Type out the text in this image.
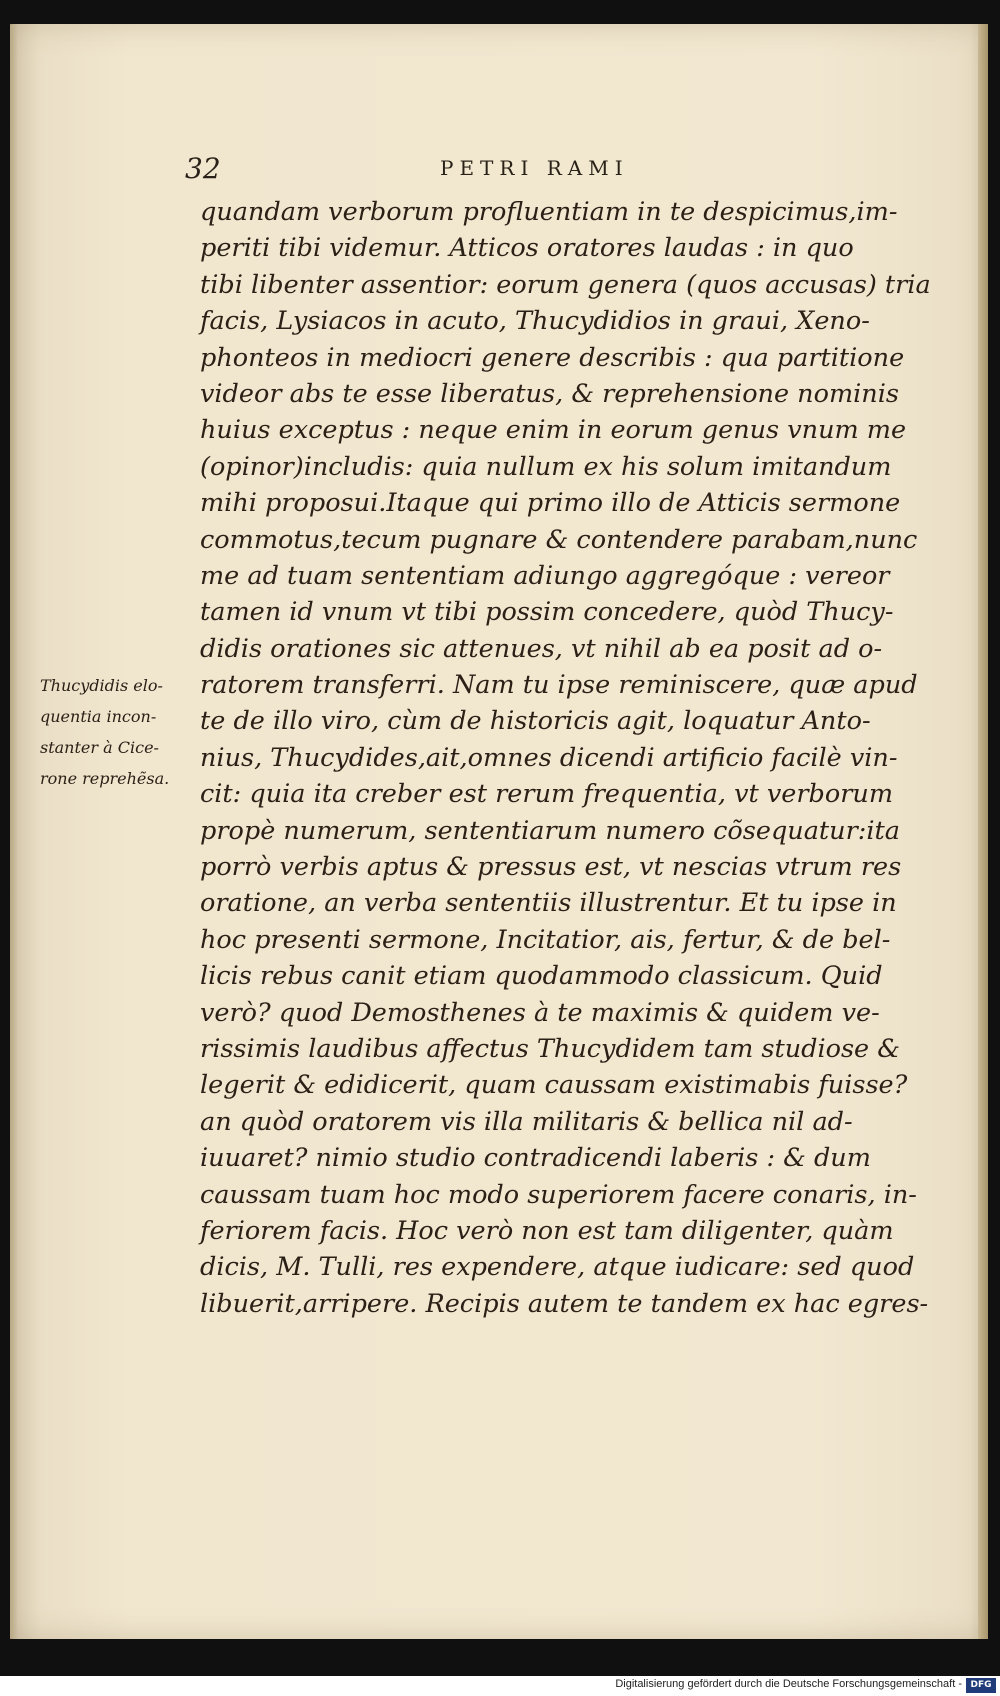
32	PETRI RAMI
Thucydidis elo-
quentia incon-
stanter à Cice-
rone reprehẽsa.
quandam verborum profluentiam in te despicimus,im-
periti tibi videmur. Atticos oratores laudas : in quo
tibi libenter assentior: eorum genera (quos accusas) tria
facis, Lysiacos in acuto, Thucydidios in graui, Xeno-
phonteos in mediocri genere describis : qua partitione
videor abs te esse liberatus, & reprehensione nominis
huius exceptus : neque enim in eorum genus vnum me
(opinor)includis: quia nullum ex his solum imitandum
mihi proposui.Itaque qui primo illo de Atticis sermone
commotus,tecum pugnare & contendere parabam,nunc
me ad tuam sententiam adiungo aggregóque : vereor
tamen id vnum vt tibi possim concedere, quòd Thucy-
didis orationes sic attenues, vt nihil ab ea posit ad o-
ratorem transferri. Nam tu ipse reminiscere, quæ apud
te de illo viro, cùm de historicis agit, loquatur Anto-
nius, Thucydides,ait,omnes dicendi artificio facilè vin-
cit: quia ita creber est rerum frequentia, vt verborum
propè numerum, sententiarum numero cõsequatur:ita
porrò verbis aptus & pressus est, vt nescias vtrum res
oratione, an verba sententiis illustrentur. Et tu ipse in
hoc presenti sermone, Incitatior, ais, fertur, & de bel-
licis rebus canit etiam quodammodo classicum. Quid
verò? quod Demosthenes à te maximis & quidem ve-
rissimis laudibus affectus Thucydidem tam studiose &
legerit & edidicerit, quam caussam existimabis fuisse?
an quòd oratorem vis illa militaris & bellica nil ad-
iuuaret? nimio studio contradicendi laberis : & dum
caussam tuam hoc modo superiorem facere conaris, in-
feriorem facis. Hoc verò non est tam diligenter, quàm
dicis, M. Tulli, res expendere, atque iudicare: sed quod
libuerit,arripere. Recipis autem te tandem ex hac egres-
Digitalisierung gefördert durch die Deutsche Forschungsgemeinschaft - DFG
